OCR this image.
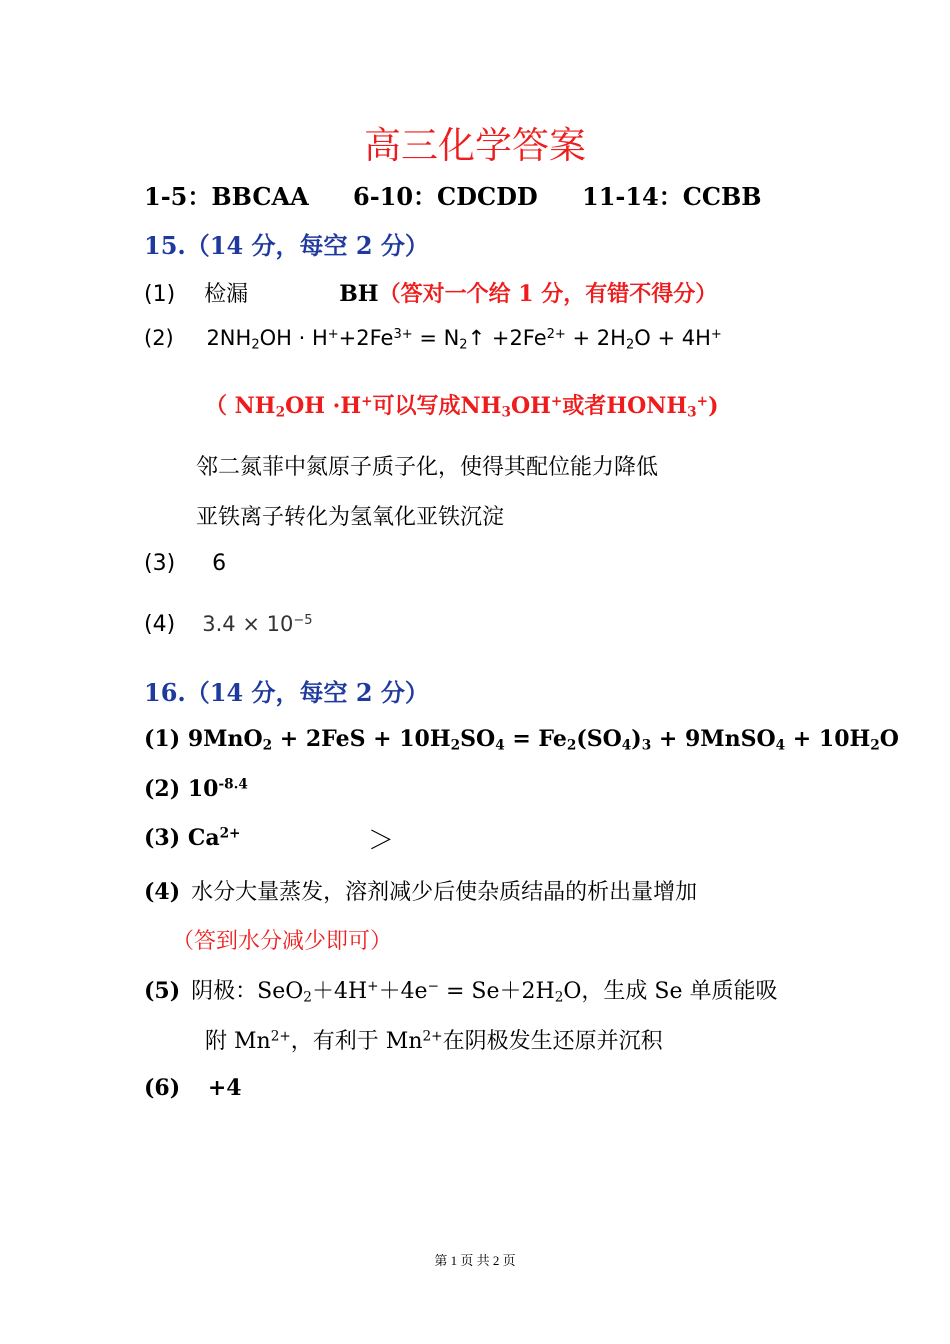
高三化学答案
1-5：BBCAA 6-10：CDCDD 11-14：CCBB
15.（14 分，每空 2 分）
(1) 检漏	BH（答对一个给 1 分，有错不得分）
(2) $2NH_2OH \cdot H^++2Fe^{3+}$ = $N_2↑ +2Fe^{2+} + 2H_2O + 4H^+$
（ $NH_2OH \cdot H^+$可以写成$NH_3OH^+$或者$HONH_3^+$)
邻二氮菲中氮原子质子化，使得其配位能力降低
亚铁离子转化为氢氧化亚铁沉淀
(3) 6
(4) $3.4 \times 10^{-5}$
16.（14 分，每空 2 分）
(1) $9MnO_2 + 2FeS + 10H_2SO_4 = Fe_2(SO_4)_3$ + 9MnSO$_4$ + $10H_2O$
(2) $10^{-8.4}$
(3) $Ca^{2+}$	＞
(4) 水分大量蒸发，溶剂减少后使杂质结晶的析出量增加
（答到水分减少即可）
(5) 阴极：$SeO_2+4H^++4e^- = Se+2H_2O$，生成 Se 单质能吸
附 $Mn^{2+}$，有利于 $Mn^{2+}$在阴极发生还原并沉积
(6) +4
第 1 页 共 2 页
